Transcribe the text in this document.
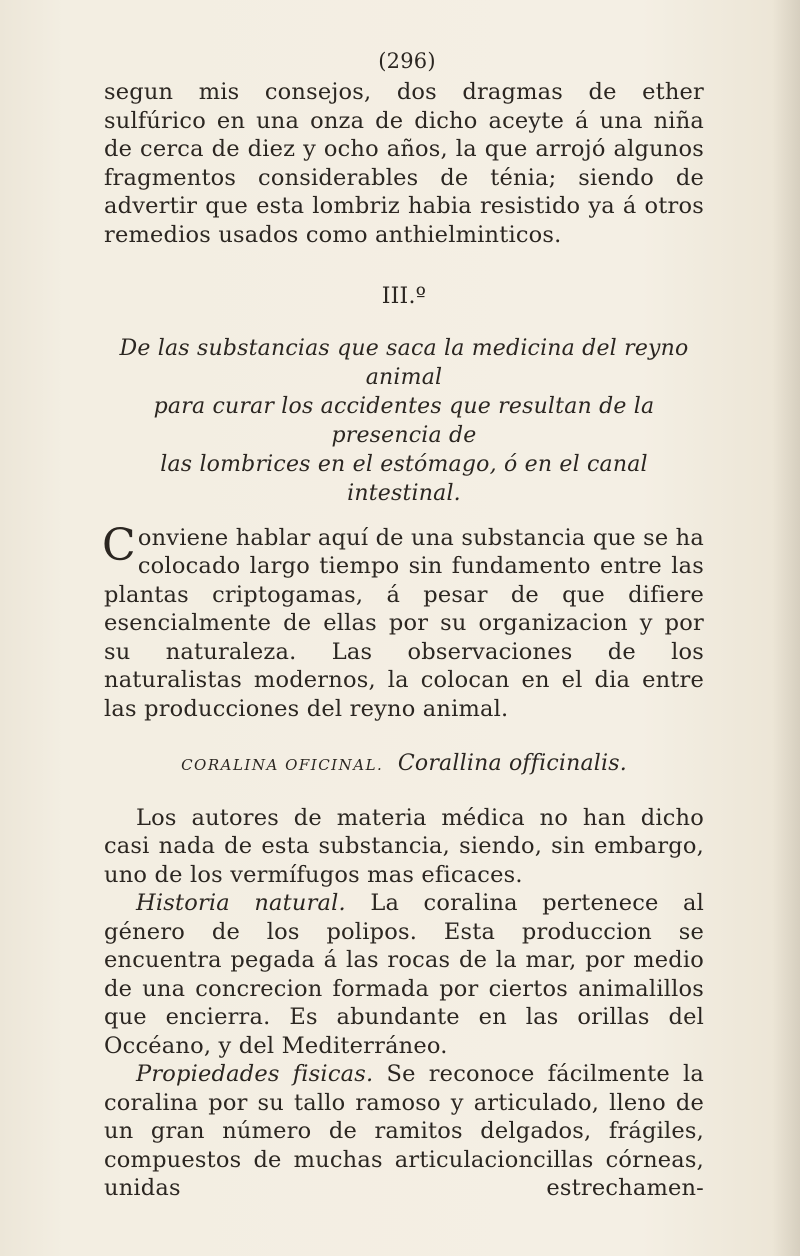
(296)

segun mis consejos, dos dragmas de ether sulfúrico en una onza de dicho aceyte á una niña de cerca de diez y ocho años, la que arrojó algunos fragmentos considerables de ténia; siendo de advertir que esta lombriz habia resistido ya á otros remedios usados como anthielminticos.

III.º
De las substancias que saca la medicina del reyno animal
para curar los accidentes que resultan de la presencia de
las lombrices en el estómago, ó en el canal intestinal.

Conviene hablar aquí de una substancia que se ha colocado largo tiempo sin fundamento entre las plantas criptogamas, á pesar de que difiere esencialmente de ellas por su organizacion y por su naturaleza. Las observaciones de los naturalistas modernos, la colocan en el dia entre las producciones del reyno animal.

CORALINA OFICINAL. Corallina officinalis.

Los autores de materia médica no han dicho casi nada de esta substancia, siendo, sin embargo, uno de los vermífugos mas eficaces.

Historia natural. La coralina pertenece al género de los polipos. Esta produccion se encuentra pegada á las rocas de la mar, por medio de una concrecion formada por ciertos animalillos que encierra. Es abundante en las orillas del Occéano, y del Mediterráneo.

Propiedades fisicas. Se reconoce fácilmente la coralina por su tallo ramoso y articulado, lleno de un gran número de ramitos delgados, frágiles, compuestos de muchas articulacioncillas córneas, unidas estrechamen-
